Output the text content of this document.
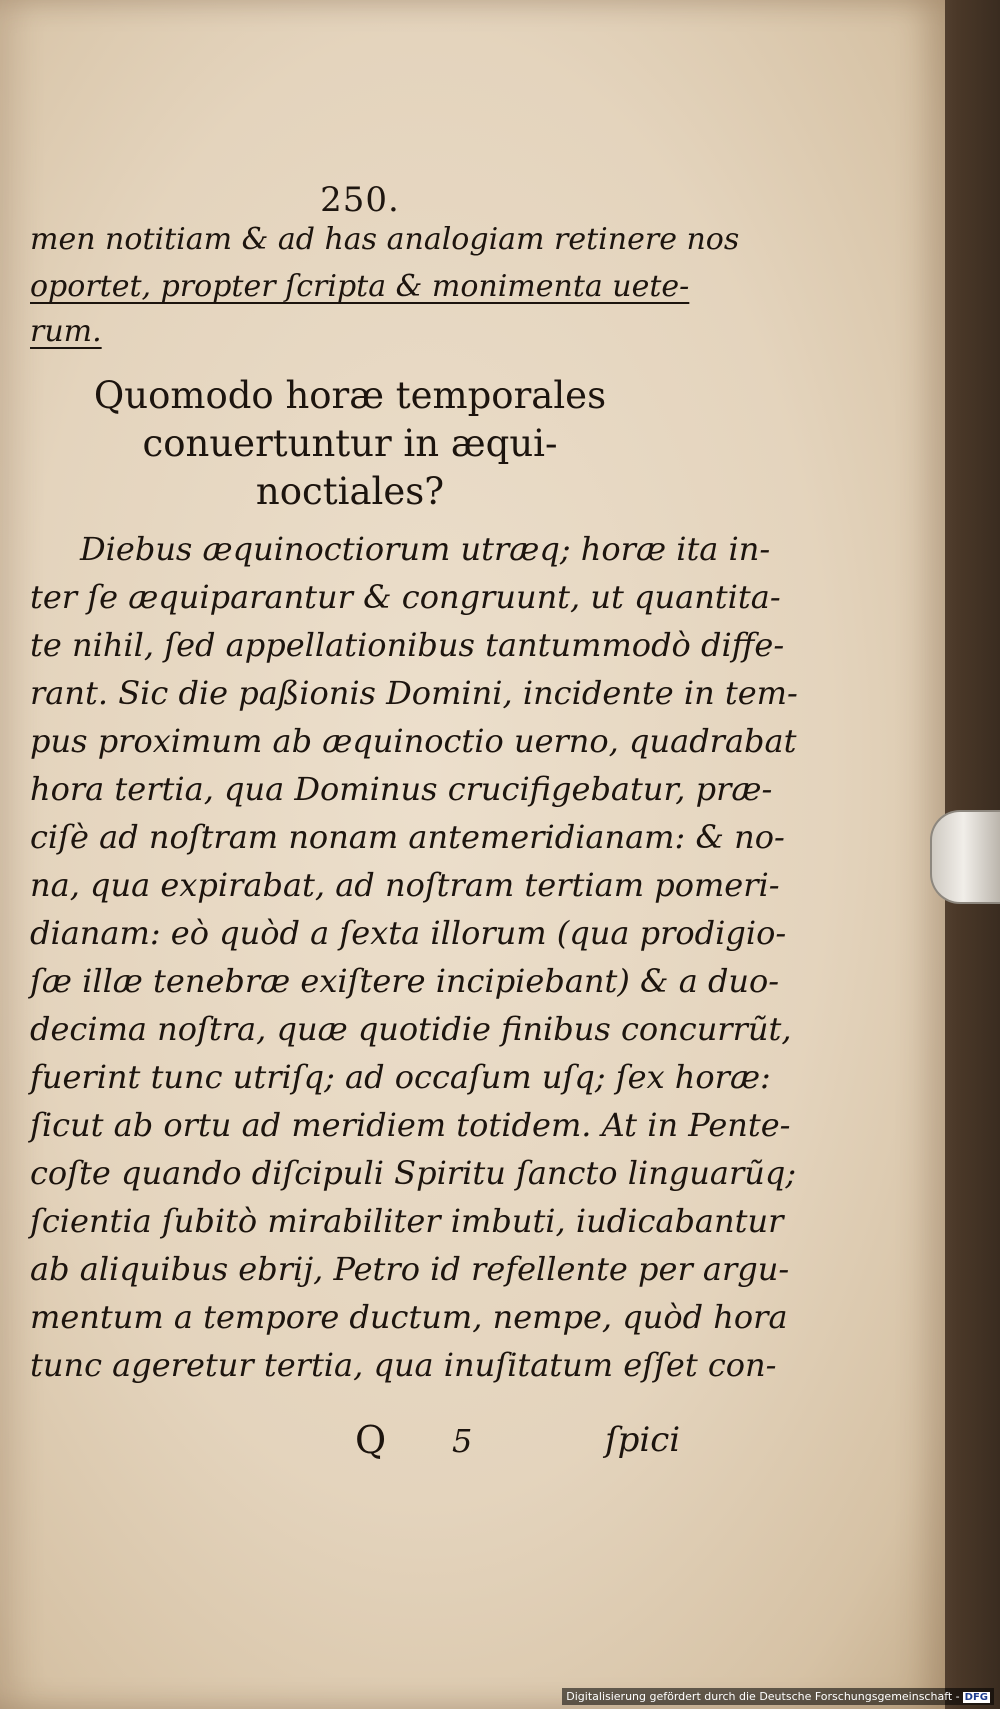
250.
men notitiam & ad has analogiam retinere nos
oportet, propter ſcripta & monimenta uete-
rum.
Quomodo horæ temporales
conuertuntur in æqui-
noctiales?
Diebus æquinoctiorum utræq; horæ ita in-
ter ſe æquiparantur & congruunt, ut quantita-
te nihil, ſed appellationibus tantummodò diffe-
rant. Sic die paßionis Domini, incidente in tem-
pus proximum ab æquinoctio uerno, quadrabat
hora tertia, qua Dominus crucifigebatur, præ-
ciſè ad noſtram nonam antemeridianam: & no-
na, qua expirabat, ad noſtram tertiam pomeri-
dianam: eò quòd a ſexta illorum (qua prodigio-
ſæ illæ tenebræ exiſtere incipiebant) & a duo-
decima noſtra, quæ quotidie finibus concurrũt,
fuerint tunc utriſq; ad occaſum uſq; ſex horæ:
ſicut ab ortu ad meridiem totidem. At in Pente-
coſte quando diſcipuli Spiritu ſancto linguarũq;
ſcientia ſubitò mirabiliter imbuti, iudicabantur
ab aliquibus ebrij, Petro id refellente per argu-
mentum a tempore ductum, nempe, quòd hora
tunc ageretur tertia, qua inuſitatum eſſet con-
Q 5	ſpici
Digitalisierung gefördert durch die Deutsche Forschungsgemeinschaft - DFG
